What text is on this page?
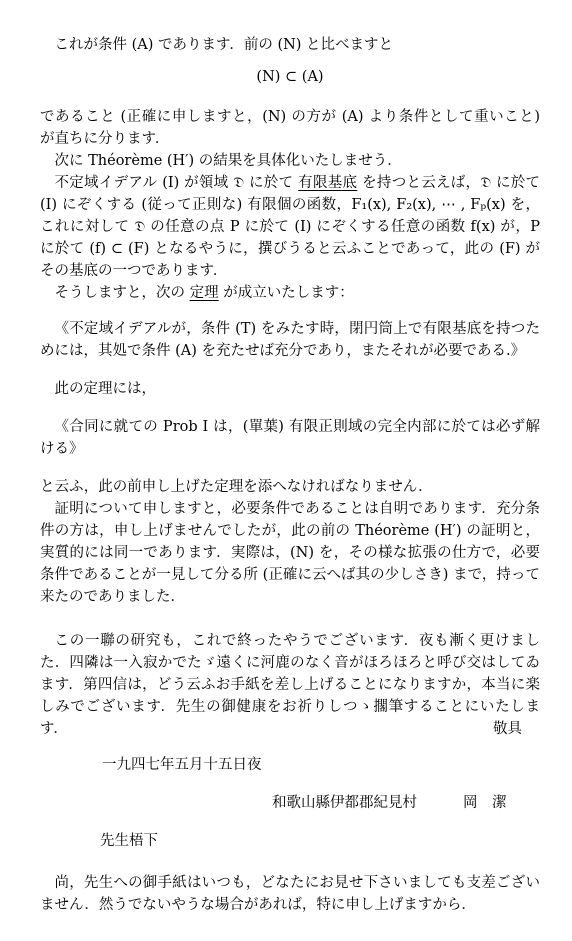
これが条件 (A) であります．前の (N) と比べますと

(N) ⊂ (A)

であること (正確に申しますと，(N) の方が (A) より条件として重いこと) が直ちに分ります．

次に Théorème (H′) の結果を具体化いたしませう．

不定域イデアル (I) が領域 𝔇 に於て 有限基底 を持つと云えば，𝔇 に於て (I) にぞくする (従って正則な) 有限個の函数，F₁(x), F₂(x), ⋯ , Fₚ(x) を，これに対して 𝔇 の任意の点 P に於て (I) にぞくする任意の函数 f(x) が，P に於て (f) ⊂ (F) となるやうに，撰びうると云ふことであって，此の (F) がその基底の一つであります．

そうしますと，次の 定理 が成立いたします：

《不定域イデアルが，条件 (T) をみたす時，閉円筒上で有限基底を持つためには，其処で条件 (A) を充たせば充分であり，またそれが必要である.》

此の定理には，

《合同に就ての Prob I は，(單葉) 有限正則域の完全内部に於ては必ず解ける》

と云ふ，此の前申し上げた定理を添へなければなりません．

証明について申しますと，必要条件であることは自明であります．充分条件の方は，申し上げませんでしたが，此の前の Théorème (H′) の証明と，実質的には同一であります．実際は，(N) を，その様な拡張の仕方で，必要条件であることが一見して分る所 (正確に云へば其の少しさき) まで，持って来たのでありました．

この一聯の研究も，これで終ったやうでございます．夜も漸く更けました．四隣は一入寂かでたゞ遠くに河鹿のなく音がほろほろと呼び交はしてゐます．第四信は，どう云ふお手紙を差し上げることになりますか，本当に楽しみでございます．先生の御健康をお祈りしつゝ擱筆することにいたします．	敬具

一九四七年五月十五日夜

和歌山縣伊都郡紀見村	岡　潔

先生梧下

尚，先生への御手紙はいつも，どなたにお見せ下さいましても支差ございません．然うでないやうな場合があれば，特に申し上げますから．
